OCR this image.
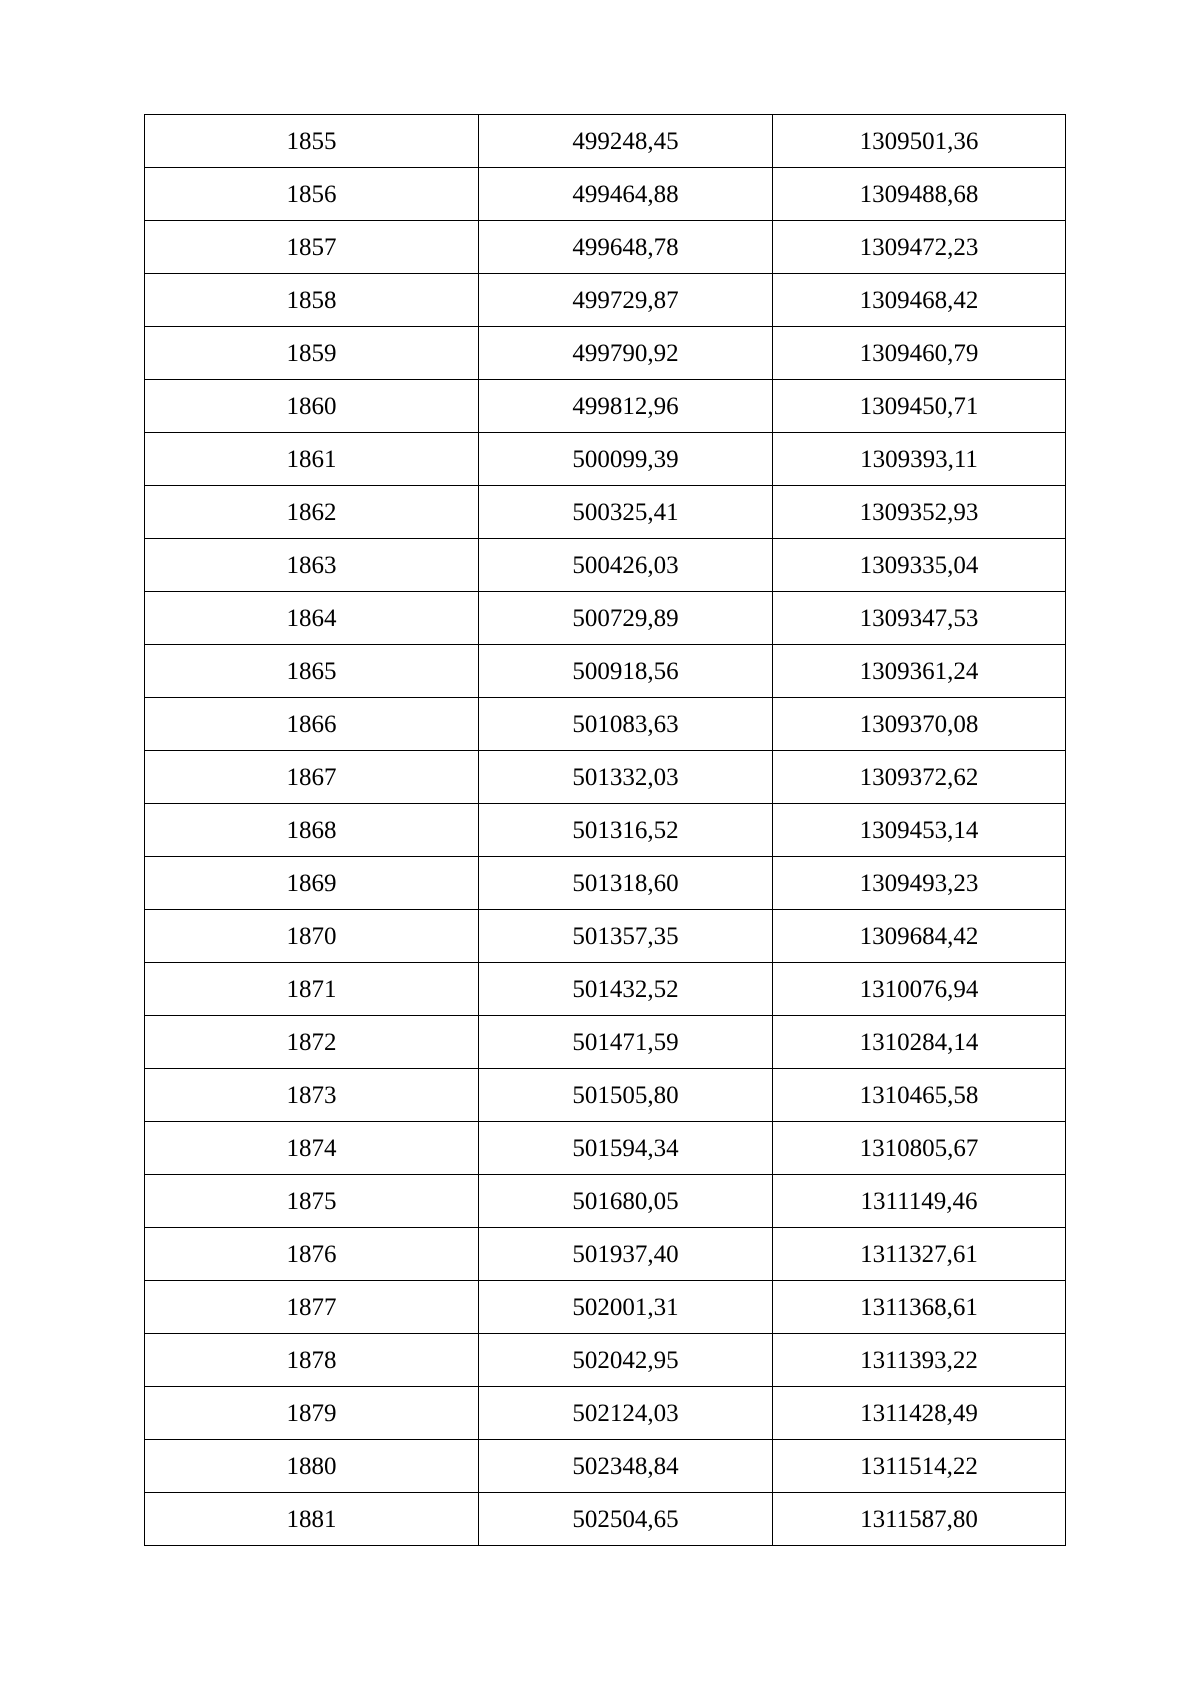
1855	499248,45	1309501,36
1856	499464,88	1309488,68
1857	499648,78	1309472,23
1858	499729,87	1309468,42
1859	499790,92	1309460,79
1860	499812,96	1309450,71
1861	500099,39	1309393,11
1862	500325,41	1309352,93
1863	500426,03	1309335,04
1864	500729,89	1309347,53
1865	500918,56	1309361,24
1866	501083,63	1309370,08
1867	501332,03	1309372,62
1868	501316,52	1309453,14
1869	501318,60	1309493,23
1870	501357,35	1309684,42
1871	501432,52	1310076,94
1872	501471,59	1310284,14
1873	501505,80	1310465,58
1874	501594,34	1310805,67
1875	501680,05	1311149,46
1876	501937,40	1311327,61
1877	502001,31	1311368,61
1878	502042,95	1311393,22
1879	502124,03	1311428,49
1880	502348,84	1311514,22
1881	502504,65	1311587,80
